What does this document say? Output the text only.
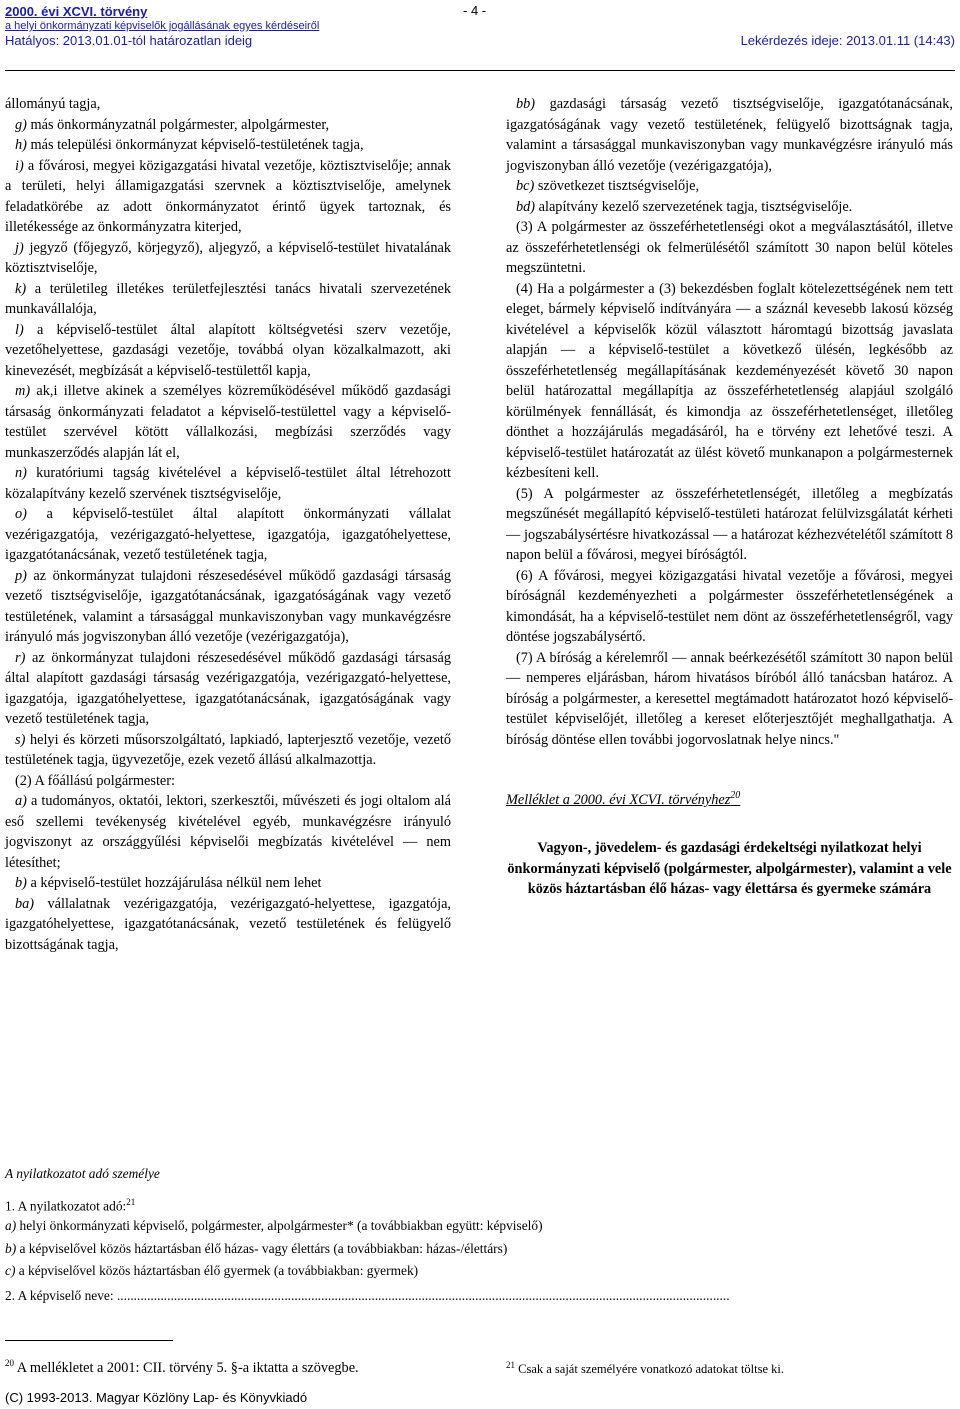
2000. évi XCVI. törvény
a helyi önkormányzati képviselők jogállásának egyes kérdéseiről
Hatályos: 2013.01.01-tól határozatlan ideig	Lekérdezés ideje: 2013.01.11 (14:43)
- 4 -

állományú tagja,

g) más önkormányzatnál polgármester, alpolgármester,

h) más települési önkormányzat képviselő-testületének tagja,

i) a fővárosi, megyei közigazgatási hivatal vezetője, köztisztviselője; annak a területi, helyi államigazgatási szervnek a köztisztviselője, amelynek feladatkörébe az adott önkormányzatot érintő ügyek tartoznak, és illetékessége az önkormányzatra kiterjed,

j) jegyző (főjegyző, körjegyző), aljegyző, a képviselő-testület hivatalának köztisztviselője,

k) a területileg illetékes területfejlesztési tanács hivatali szervezetének munkavállalója,

l) a képviselő-testület által alapított költségvetési szerv vezetője, vezetőhelyettese, gazdasági vezetője, továbbá olyan közalkalmazott, aki kinevezését, megbízását a képviselő-testülettől kapja,

m) ak,i illetve akinek a személyes közreműködésével működő gazdasági társaság önkormányzati feladatot a képviselő-testülettel vagy a képviselő-testület szervével kötött vállalkozási, megbízási szerződés vagy munkaszerződés alapján lát el,

n) kuratóriumi tagság kivételével a képviselő-testület által létrehozott közalapítvány kezelő szervének tisztségviselője,

o) a képviselő-testület által alapított önkormányzati vállalat vezérigazgatója, vezérigazgató-helyettese, igazgatója, igazgatóhelyettese, igazgatótanácsának, vezető testületének tagja,

p) az önkormányzat tulajdoni részesedésével működő gazdasági társaság vezető tisztségviselője, igazgatótanácsának, igazgatóságának vagy vezető testületének, valamint a társasággal munkaviszonyban vagy munkavégzésre irányuló más jogviszonyban álló vezetője (vezérigazgatója),

r) az önkormányzat tulajdoni részesedésével működő gazdasági társaság által alapított gazdasági társaság vezérigazgatója, vezérigazgató-helyettese, igazgatója, igazgatóhelyettese, igazgatótanácsának, igazgatóságának vagy vezető testületének tagja,

s) helyi és körzeti műsorszolgáltató, lapkiadó, lapterjesztő vezetője, vezető testületének tagja, ügyvezetője, ezek vezető állású alkalmazottja.

(2) A főállású polgármester:

a) a tudományos, oktatói, lektori, szerkesztői, művészeti és jogi oltalom alá eső szellemi tevékenység kivételével egyéb, munkavégzésre irányuló jogviszonyt az országgyűlési képviselői megbízatás kivételével — nem létesíthet;

b) a képviselő-testület hozzájárulása nélkül nem lehet

ba) vállalatnak vezérigazgatója, vezérigazgató-helyettese, igazgatója, igazgatóhelyettese, igazgatótanácsának, vezető testületének és felügyelő bizottságának tagja,

bb) gazdasági társaság vezető tisztségviselője, igazgatótanácsának, igazgatóságának vagy vezető testületének, felügyelő bizottságnak tagja, valamint a társasággal munkaviszonyban vagy munkavégzésre irányuló más jogviszonyban álló vezetője (vezérigazgatója),

bc) szövetkezet tisztségviselője,

bd) alapítvány kezelő szervezetének tagja, tisztségviselője.

(3) A polgármester az összeférhetetlenségi okot a megválasztásától, illetve az összeférhetetlenségi ok felmerülésétől számított 30 napon belül köteles megszüntetni.

(4) Ha a polgármester a (3) bekezdésben foglalt kötelezettségének nem tett eleget, bármely képviselő indítványára — a száznál kevesebb lakosú község kivételével a képviselők közül választott háromtagú bizottság javaslata alapján — a képviselő-testület a következő ülésén, legkésőbb az összeférhetetlenség megállapításának kezdeményezését követő 30 napon belül határozattal megállapítja az összeférhetetlenség alapjául szolgáló körülmények fennállását, és kimondja az összeférhetetlenséget, illetőleg dönthet a hozzájárulás megadásáról, ha e törvény ezt lehetővé teszi. A képviselő-testület határozatát az ülést követő munkanapon a polgármesternek kézbesíteni kell.

(5) A polgármester az összeférhetetlenségét, illetőleg a megbízatás megszűnését megállapító képviselő-testületi határozat felülvizsgálatát kérheti — jogszabálysértésre hivatkozással — a határozat kézhezvételétől számított 8 napon belül a fővárosi, megyei bíróságtól.

(6) A fővárosi, megyei közigazgatási hivatal vezetője a fővárosi, megyei bíróságnál kezdeményezheti a polgármester összeférhetetlenségének a kimondását, ha a képviselő-testület nem dönt az összeférhetetlenségről, vagy döntése jogszabálysértő.

(7) A bíróság a kérelemről — annak beérkezésétől számított 30 napon belül — nemperes eljárásban, három hivatásos bíróból álló tanácsban határoz. A bíróság a polgármester, a keresettel megtámadott határozatot hozó képviselő-testület képviselőjét, illetőleg a kereset előterjesztőjét meghallgathatja. A bíróság döntése ellen további jogorvoslatnak helye nincs."

Melléklet a 2000. évi XCVI. törvényhez$^{20}$

Vagyon-, jövedelem- és gazdasági érdekeltségi nyilatkozat helyi önkormányzati képviselő (polgármester, alpolgármester), valamint a vele közös háztartásban élő házas- vagy élettársa és gyermeke számára

A nyilatkozatot adó személye

1. A nyilatkozatot adó:$^{21}$

a) helyi önkormányzati képviselő, polgármester, alpolgármester* (a továbbiakban együtt: képviselő)

b) a képviselővel közös háztartásban élő házas- vagy élettárs (a továbbiakban: házas-/élettárs)

c) a képviselővel közös háztartásban élő gyermek (a továbbiakban: gyermek)

2. A képviselő neve: .......................................................................................................................................................................................

$^{20}$ A mellékletet a 2001: CII. törvény 5. §-a iktatta a szövegbe.	$^{21}$ Csak a saját személyére vonatkozó adatokat töltse ki.
(C) 1993-2013. Magyar Közlöny Lap- és Könyvkiadó
